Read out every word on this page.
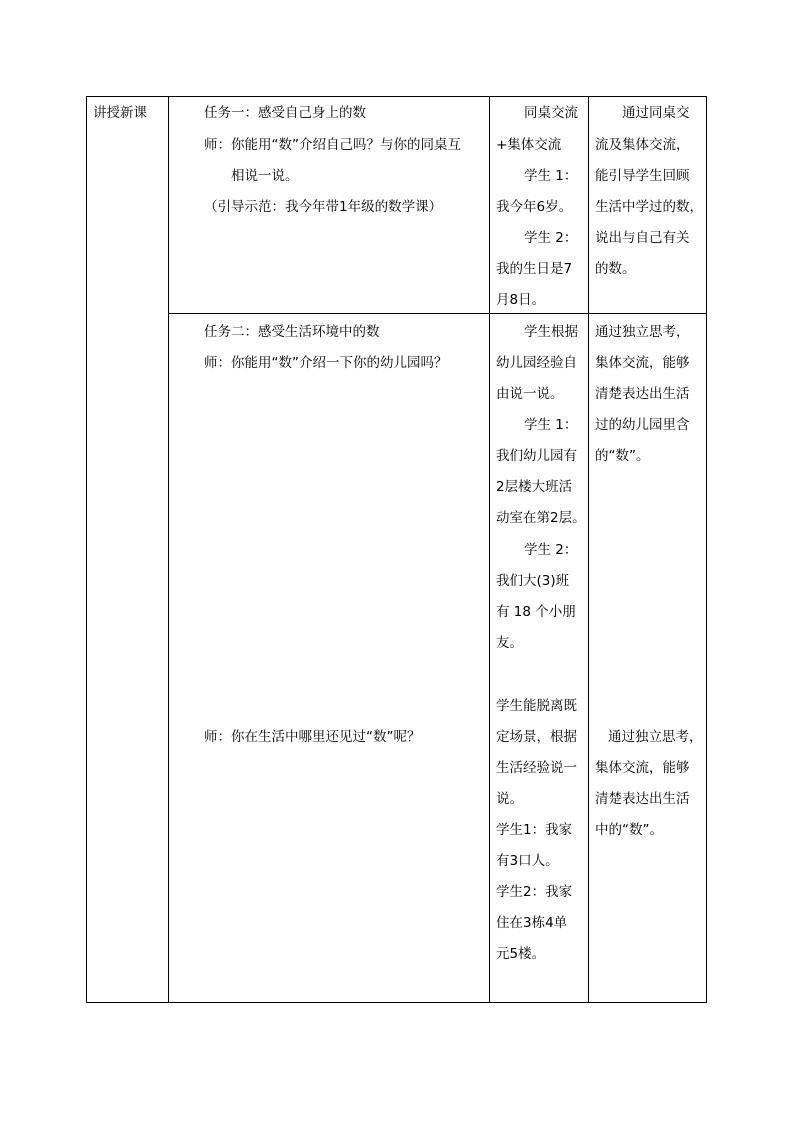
讲授新课	任务一：感受自己身上的数
师：你能用“数”介绍自己吗？与你的同桌互
相说一说。
（引导示范：我今年带1年级的数学课）
同桌交流
+集体交流
学生 1：
我今年6岁。
学生 2：
我的生日是7
月8日。
通过同桌交
流及集体交流，
能引导学生回顾
生活中学过的数，
说出与自己有关
的数。
任务二：感受生活环境中的数
师：你能用“数”介绍一下你的幼儿园吗？
学生根据
幼儿园经验自
由说一说。
学生 1：
我们幼儿园有
2层楼大班活
动室在第2层。
学生 2：
我们大(3)班
有 18 个小朋
友。
通过独立思考，
集体交流，能够
清楚表达出生活
过的幼儿园里含
的“数”。
师：你在生活中哪里还见过“数”呢？
学生能脱离既
定场景，根据
生活经验说一
说。
学生1：我家
有3口人。
学生2：我家
住在3栋4单
元5楼。
通过独立思考，
集体交流，能够
清楚表达出生活
中的“数”。
